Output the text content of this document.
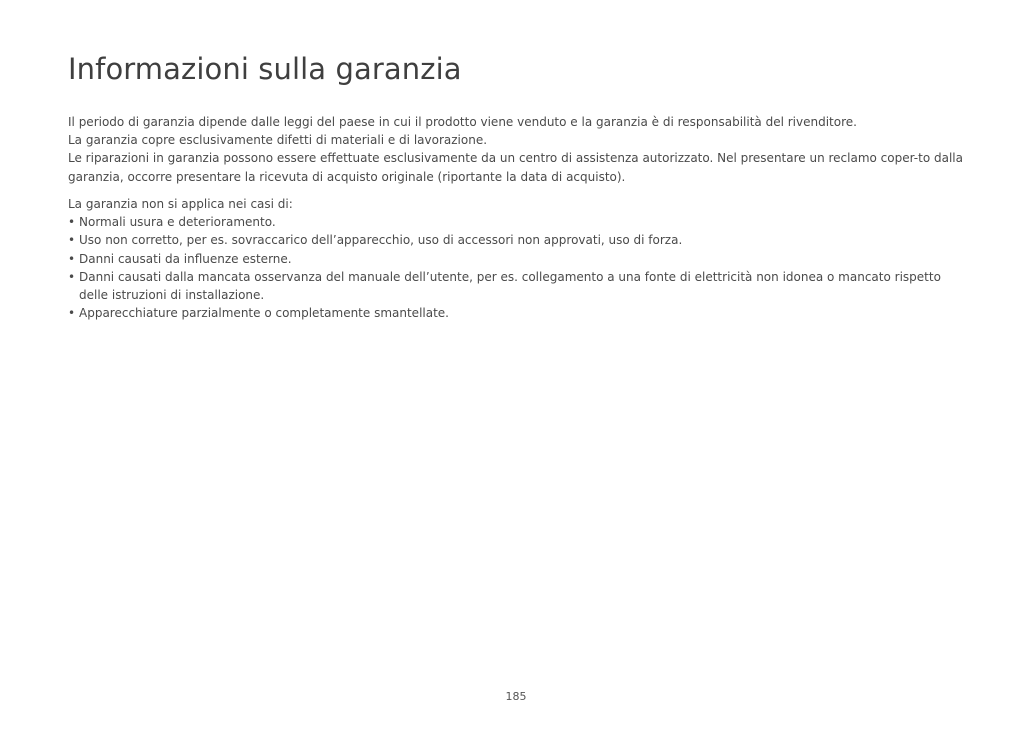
Informazioni sulla garanzia

Il periodo di garanzia dipende dalle leggi del paese in cui il prodotto viene venduto e la garanzia è di responsabilità del rivenditore.

La garanzia copre esclusivamente difetti di materiali e di lavorazione.

Le riparazioni in garanzia possono essere effettuate esclusivamente da un centro di assistenza autorizzato. Nel presentare un reclamo coper-to dalla garanzia, occorre presentare la ricevuta di acquisto originale (riportante la data di acquisto).

La garanzia non si applica nei casi di:

• Normali usura e deterioramento.
• Uso non corretto, per es. sovraccarico dell’apparecchio, uso di accessori non approvati, uso di forza.
• Danni causati da influenze esterne.
• Danni causati dalla mancata osservanza del manuale dell’utente, per es. collegamento a una fonte di elettricità non idonea o mancato rispetto delle istruzioni di installazione.
• Apparecchiature parzialmente o completamente smantellate.
185
